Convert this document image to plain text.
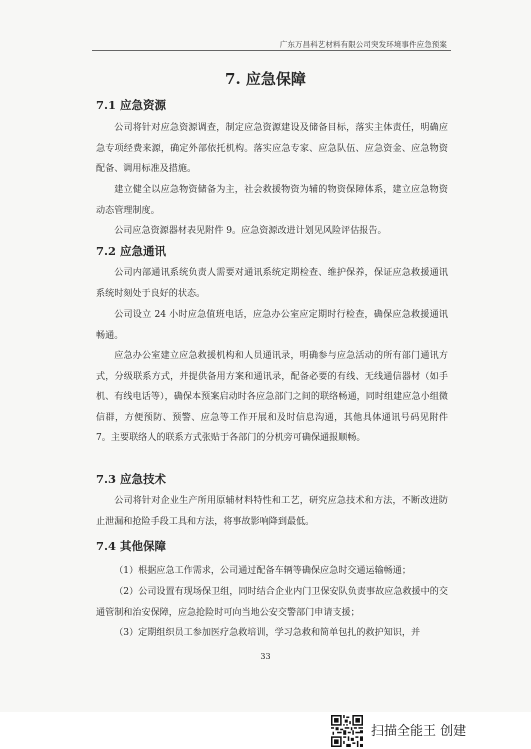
广东万昌科艺材料有限公司突发环境事件应急预案
7. 应急保障
7.1 应急资源
公司将针对应急资源调查，制定应急资源建设及储备目标，落实主体责任，明确应急专项经费来源，确定外部依托机构。落实应急专家、应急队伍、应急资金、应急物资配备、调用标准及措施。
建立健全以应急物资储备为主，社会救援物资为辅的物资保障体系，建立应急物资动态管理制度。
公司应急资源器材表见附件 9。应急资源改进计划见风险评估报告。
7.2 应急通讯
公司内部通讯系统负责人需要对通讯系统定期检查、维护保养，保证应急救援通讯系统时刻处于良好的状态。
公司设立 24 小时应急值班电话，应急办公室应定期时行检查，确保应急救援通讯畅通。
应急办公室建立应急救援机构和人员通讯录，明确参与应急活动的所有部门通讯方式，分级联系方式，并提供备用方案和通讯录，配备必要的有线、无线通信器材（如手机、有线电话等），确保本预案启动时各应急部门之间的联络畅通，同时组建应急小组微信群，方便预防、预警、应急等工作开展和及时信息沟通，其他具体通讯号码见附件 7。主要联络人的联系方式张贴于各部门的分机旁可确保通报顺畅。
7.3 应急技术
公司将针对企业生产所用原辅材料特性和工艺，研究应急技术和方法，不断改进防止泄漏和抢险手段工具和方法，将事故影响降到最低。
7.4 其他保障
（1）根据应急工作需求，公司通过配备车辆等确保应急时交通运输畅通；
（2）公司设置有现场保卫组，同时结合企业内门卫保安队负责事故应急救援中的交通管制和治安保障，应急抢险时可向当地公安交警部门申请支援；
（3）定期组织员工参加医疗急救培训，学习急救和简单包扎的救护知识，并
33
扫描全能王 创建
